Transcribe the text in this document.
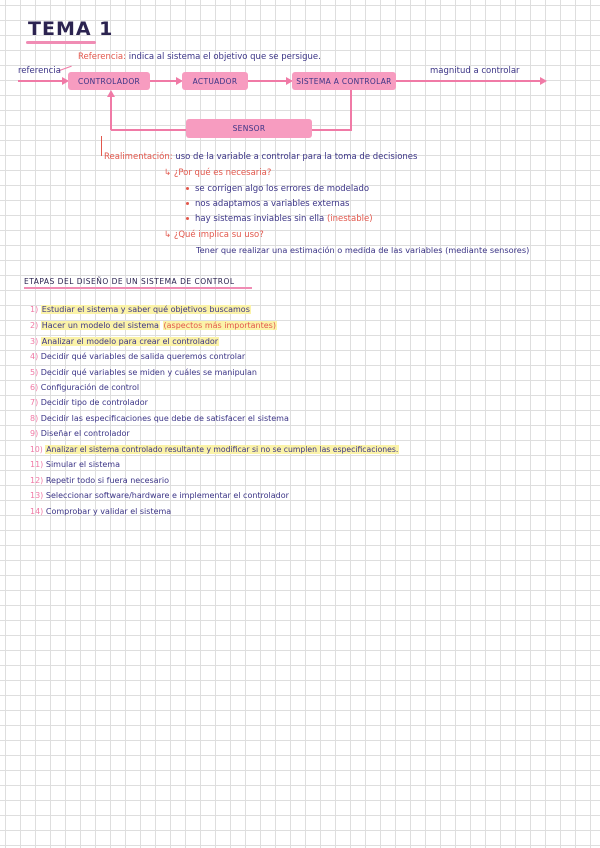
TEMA 1
Referencia: indica al sistema el objetivo que se persigue.
referencia
CONTROLADOR	ACTUADOR	SISTEMA A CONTROLAR
magnitud a controlar
SENSOR
Realimentación: uso de la variable a controlar para la toma de decisiones
↳ ¿Por qué es necesaria?
se corrigen algo los errores de modelado
nos adaptamos a variables externas
hay sistemas inviables sin ella (inestable)
↳ ¿Qué implica su uso?
Tener que realizar una estimación o medida de las variables (mediante sensores)
ETAPAS DEL DISEÑO DE UN SISTEMA DE CONTROL
1) Estudiar el sistema y saber qué objetivos buscamos
2) Hacer un modelo del sistema (aspectos más importantes)
3) Analizar el modelo para crear el controlador
4) Decidir qué variables de salida queremos controlar
5) Decidir qué variables se miden y cuáles se manipulan
6) Configuración de control
7) Decidir tipo de controlador
8) Decidir las especificaciones que debe de satisfacer el sistema
9) Diseñar el controlador
10) Analizar el sistema controlado resultante y modificar si no se cumplen las especificaciones.
11) Simular el sistema
12) Repetir todo si fuera necesario
13) Seleccionar software/hardware e implementar el controlador
14) Comprobar y validar el sistema
